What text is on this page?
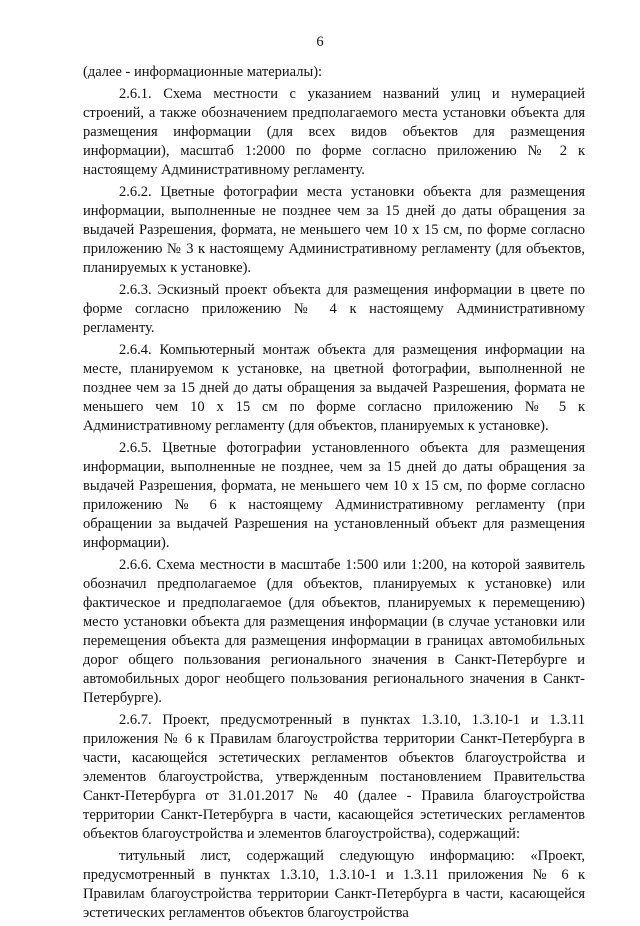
6

(далее - информационные материалы):

2.6.1. Схема местности с указанием названий улиц и нумерацией строений, а также обозначением предполагаемого места установки объекта для размещения информации (для всех видов объектов для размещения информации), масштаб 1:2000 по форме согласно приложению № 2 к настоящему Административному регламенту.

2.6.2. Цветные фотографии места установки объекта для размещения информации, выполненные не позднее чем за 15 дней до даты обращения за выдачей Разрешения, формата, не меньшего чем 10 х 15 см, по форме согласно приложению № 3 к настоящему Административному регламенту (для объектов, планируемых к установке).

2.6.3. Эскизный проект объекта для размещения информации в цвете по форме согласно приложению № 4 к настоящему Административному регламенту.

2.6.4. Компьютерный монтаж объекта для размещения информации на месте, планируемом к установке, на цветной фотографии, выполненной не позднее чем за 15 дней до даты обращения за выдачей Разрешения, формата не меньшего чем 10 х 15 см по форме согласно приложению № 5 к Административному регламенту (для объектов, планируемых к установке).

2.6.5. Цветные фотографии установленного объекта для размещения информации, выполненные не позднее, чем за 15 дней до даты обращения за выдачей Разрешения, формата, не меньшего чем 10 х 15 см, по форме согласно приложению № 6 к настоящему Административному регламенту (при обращении за выдачей Разрешения на установленный объект для размещения информации).

2.6.6. Схема местности в масштабе 1:500 или 1:200, на которой заявитель обозначил предполагаемое (для объектов, планируемых к установке) или фактическое и предполагаемое (для объектов, планируемых к перемещению) место установки объекта для размещения информации (в случае установки или перемещения объекта для размещения информации в границах автомобильных дорог общего пользования регионального значения в Санкт-Петербурге и автомобильных дорог необщего пользования регионального значения в Санкт-Петербурге).

2.6.7. Проект, предусмотренный в пунктах 1.3.10, 1.3.10-1 и 1.3.11 приложения № 6 к Правилам благоустройства территории Санкт-Петербурга в части, касающейся эстетических регламентов объектов благоустройства и элементов благоустройства, утвержденным постановлением Правительства Санкт-Петербурга от 31.01.2017 № 40 (далее - Правила благоустройства территории Санкт-Петербурга в части, касающейся эстетических регламентов объектов благоустройства и элементов благоустройства), содержащий:

титульный лист, содержащий следующую информацию: «Проект, предусмотренный в пунктах 1.3.10, 1.3.10-1 и 1.3.11 приложения № 6 к Правилам благоустройства территории Санкт-Петербурга в части, касающейся эстетических регламентов объектов благоустройства
